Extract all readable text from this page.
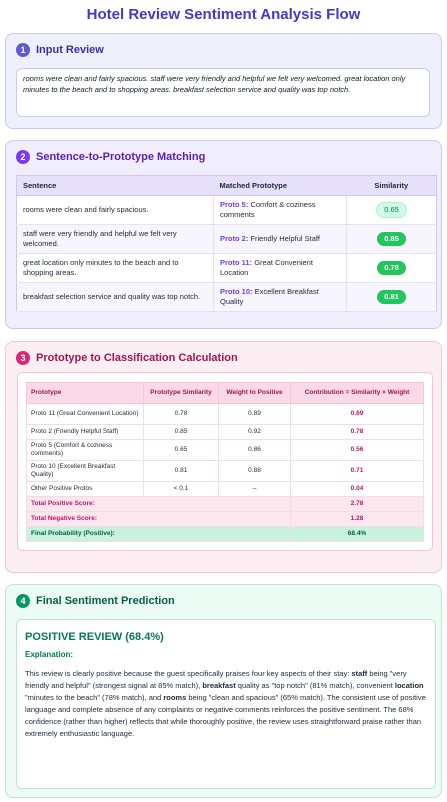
Hotel Review Sentiment Analysis Flow
1 Input Review
rooms were clean and fairly spacious. staff were very friendly and helpful we felt very welcomed. great location only minutes to the beach and to shopping areas. breakfast selection service and quality was top notch.
2 Sentence-to-Prototype Matching
Sentence	Matched Prototype	Similarity
rooms were clean and fairly spacious.	Proto 5: Comfort & coziness comments	0.65
staff were very friendly and helpful we felt very welcomed.	Proto 2: Friendly Helpful Staff	0.85
great location only minutes to the beach and to shopping areas.	Proto 11: Great Convenient Location	0.78
breakfast selection service and quality was top notch.	Proto 10: Excellent Breakfast Quality	0.81
3 Prototype to Classification Calculation
Prototype	Prototype Similarity	Weight to Positive	Contribution = Similarity × Weight
Proto 11 (Great Convenient Location)	0.78	0.89	0.69
Proto 2 (Friendly Helpful Staff)	0.85	0.92	0.78
Proto 5 (Comfort & coziness comments)	0.65	0.86	0.56
Proto 10 (Excellent Breakfast Quality)	0.81	0.88	0.71
Other Positive Protos	< 0.1	--	0.04
Total Positive Score:			2.78
Total Negative Score:			1.28
Final Probability (Positive):			68.4%
4 Final Sentiment Prediction
POSITIVE REVIEW (68.4%)
Explanation:
This review is clearly positive because the guest specifically praises four key aspects of their stay: staff being "very friendly and helpful" (strongest signal at 85% match), breakfast quality as "top notch" (81% match), convenient location "minutes to the beach" (78% match), and rooms being "clean and spacious" (65% match). The consistent use of positive language and complete absence of any complaints or negative comments reinforces the positive sentiment. The 68% confidence (rather than higher) reflects that while thoroughly positive, the review uses straightforward praise rather than extremely enthusiastic language.
